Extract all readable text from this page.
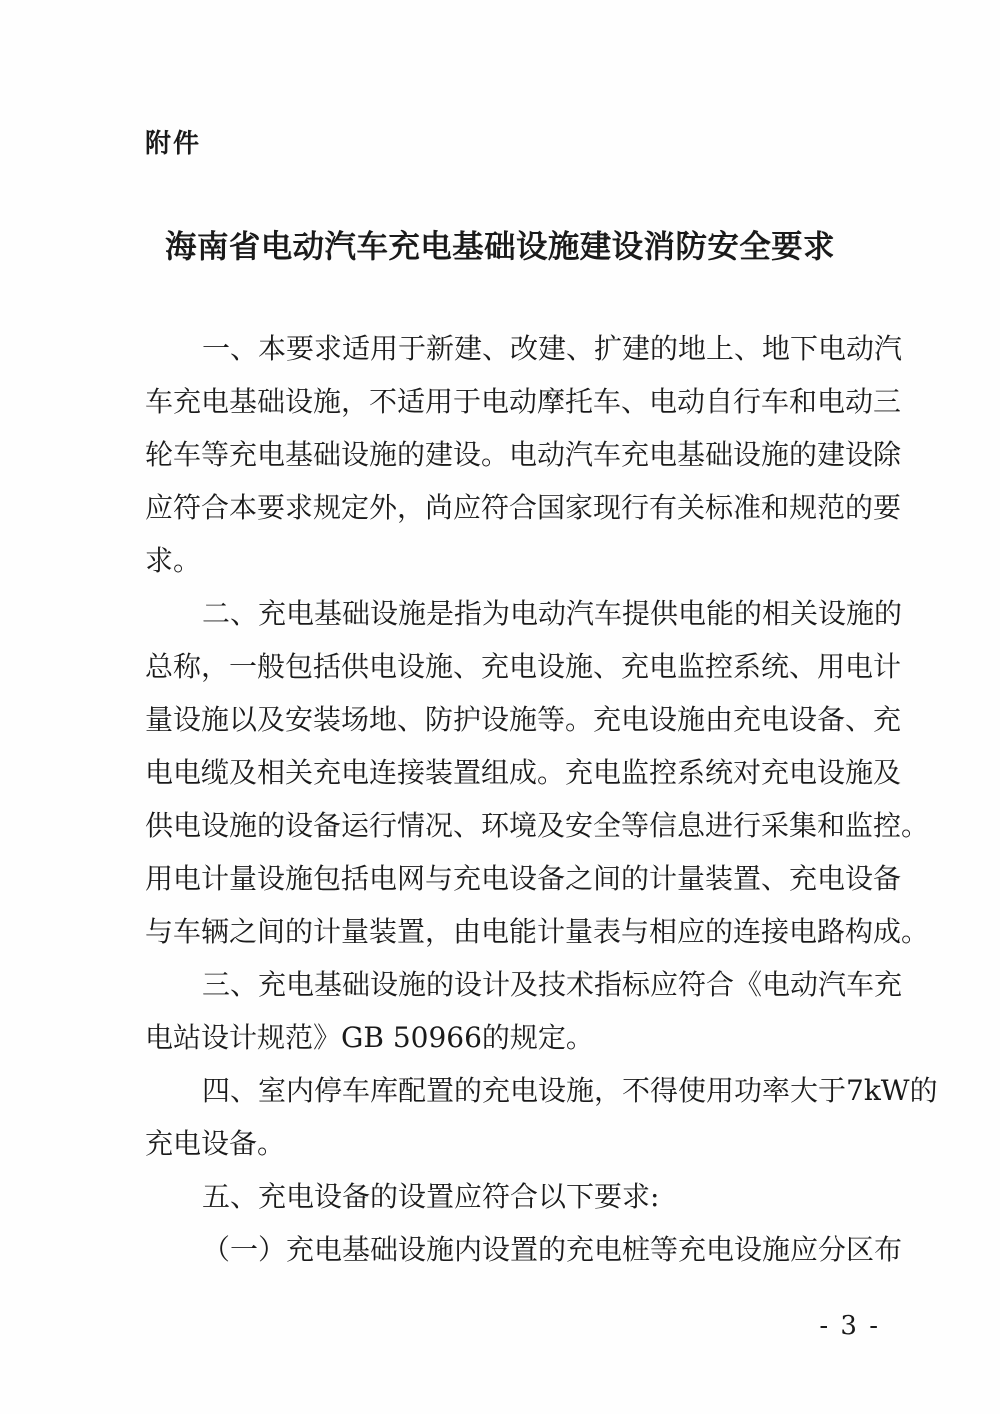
附件
海南省电动汽车充电基础设施建设消防安全要求
一、本要求适用于新建、改建、扩建的地上、地下电动汽
车充电基础设施，不适用于电动摩托车、电动自行车和电动三
轮车等充电基础设施的建设。电动汽车充电基础设施的建设除
应符合本要求规定外，尚应符合国家现行有关标准和规范的要
求。
二、充电基础设施是指为电动汽车提供电能的相关设施的
总称，一般包括供电设施、充电设施、充电监控系统、用电计
量设施以及安装场地、防护设施等。充电设施由充电设备、充
电电缆及相关充电连接装置组成。充电监控系统对充电设施及
供电设施的设备运行情况、环境及安全等信息进行采集和监控。
用电计量设施包括电网与充电设备之间的计量装置、充电设备
与车辆之间的计量装置，由电能计量表与相应的连接电路构成。
三、充电基础设施的设计及技术指标应符合《电动汽车充
电站设计规范》GB 50966的规定。
四、室内停车库配置的充电设施，不得使用功率大于7kW的
充电设备。
五、充电设备的设置应符合以下要求:
（一）充电基础设施内设置的充电桩等充电设施应分区布
- 3 -
